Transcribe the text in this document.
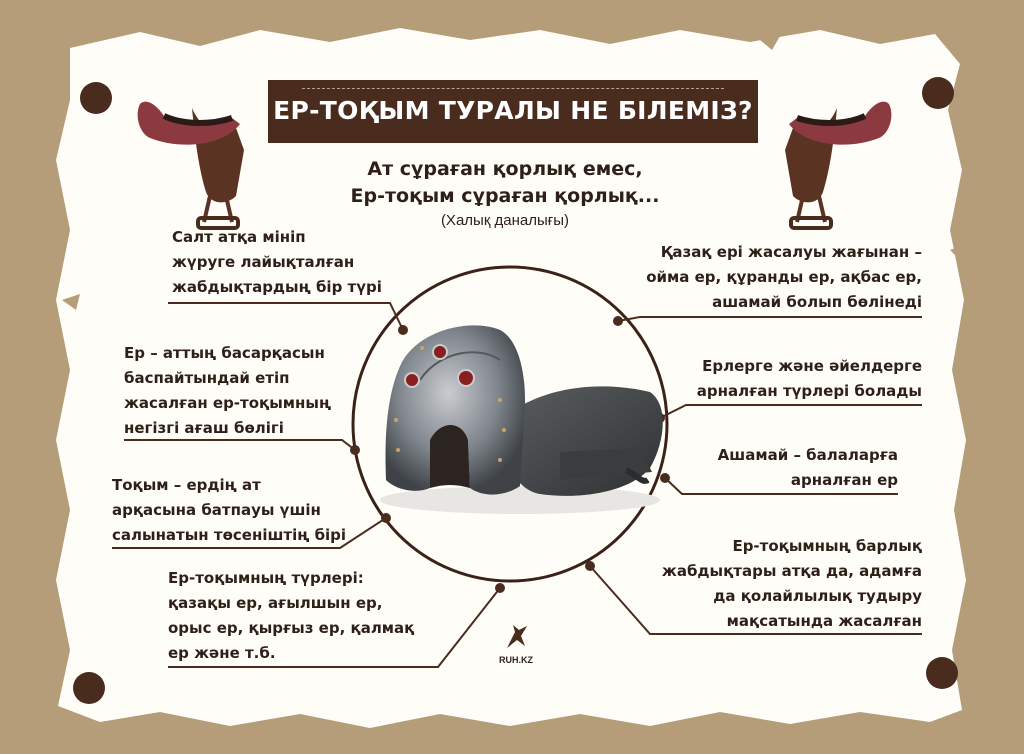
ЕР-ТОҚЫМ ТУРАЛЫ НЕ БІЛЕМІЗ?
Ат сұраған қорлық емес,
Ер-тоқым сұраған қорлық...
(Халық даналығы)

Салт атқа мініп
жүруге лайықталған
жабдықтардың бір түрі

Ер – аттың басарқасын
баспайтындай етіп
жасалған ер-тоқымның
негізгі ағаш бөлігі

Тоқым – ердің ат
арқасына батпауы үшін
салынатын төсеніштің бірі

Ер-тоқымның түрлері:
қазақы ер, ағылшын ер,
орыс ер, қырғыз ер, қалмақ
ер және т.б.

Қазақ ері жасалуы жағынан –
ойма ер, құранды ер, ақбас ер,
ашамай болып бөлінеді

Ерлерге және әйелдерге
арналған түрлері болады

Ашамай – балаларға
арналған ер

Ер-тоқымның барлық
жабдықтары атқа да, адамға
да қолайлылық тудыру
мақсатында жасалған

RUH.KZ
